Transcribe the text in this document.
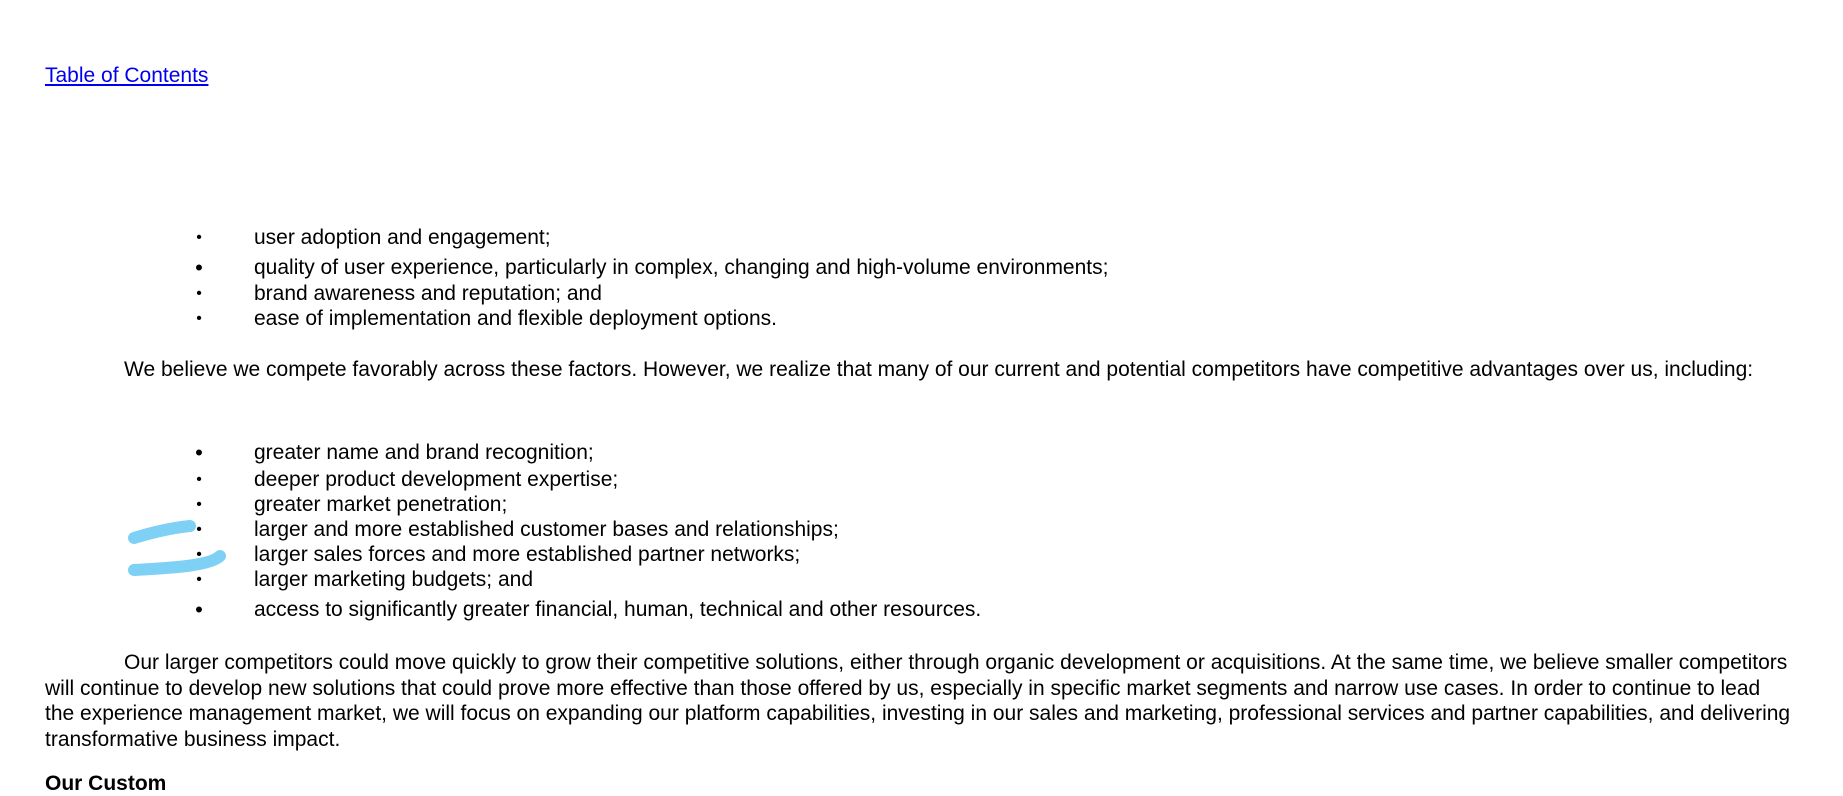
Table of Contents
• user adoption and engagement;
• quality of user experience, particularly in complex, changing and high-volume environments;
• brand awareness and reputation; and
• ease of implementation and flexible deployment options.

We believe we compete favorably across these factors. However, we realize that many of our current and potential competitors have competitive advantages over us, including:

• greater name and brand recognition;
• deeper product development expertise;
• greater market penetration;
• larger and more established customer bases and relationships;
• larger sales forces and more established partner networks;
• larger marketing budgets; and
• access to significantly greater financial, human, technical and other resources.

Our larger competitors could move quickly to grow their competitive solutions, either through organic development or acquisitions. At the same time, we believe smaller competitors will continue to develop new solutions that could prove more effective than those offered by us, especially in specific market segments and narrow use cases. In order to continue to lead the experience management market, we will focus on expanding our platform capabilities, investing in our sales and marketing, professional services and partner capabilities, and delivering transformative business impact.

Our Custom
